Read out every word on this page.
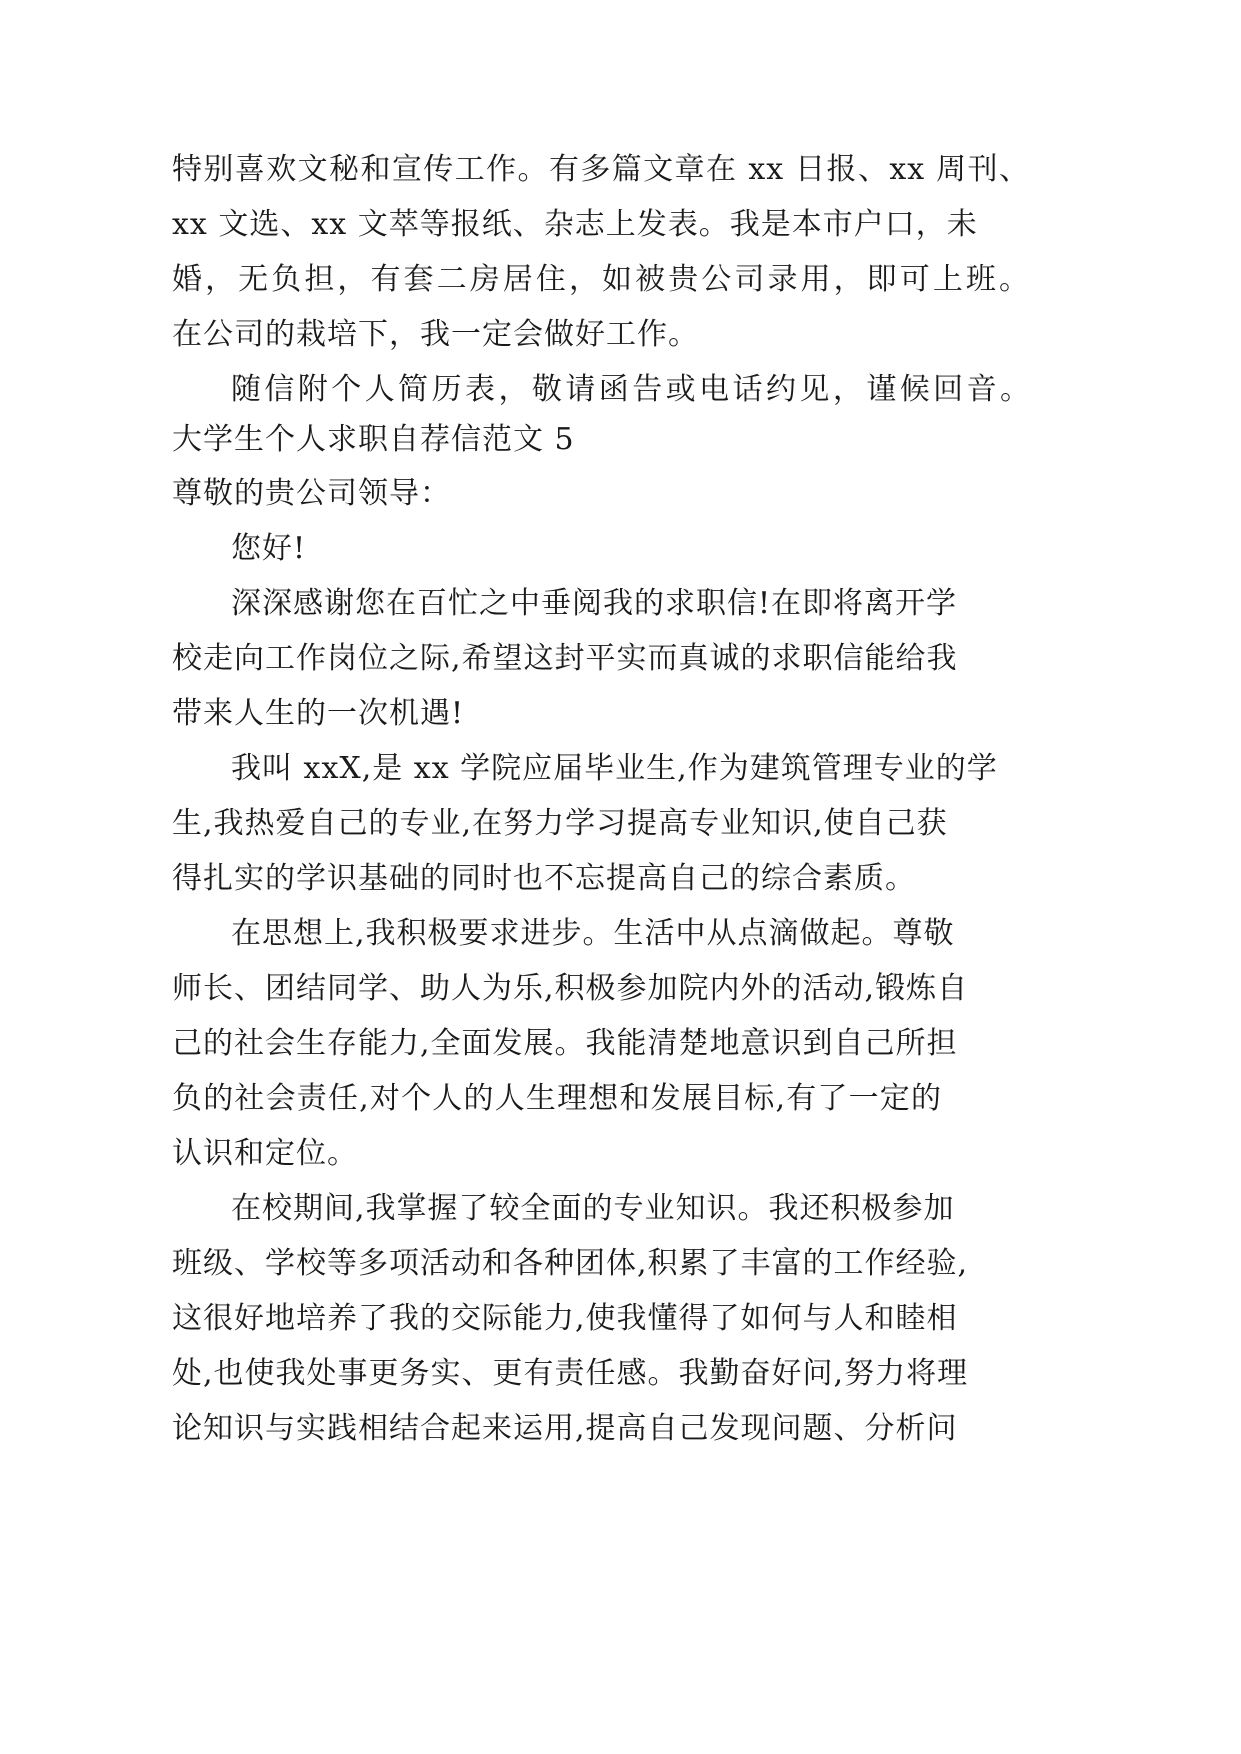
特别喜欢文秘和宣传工作。有多篇文章在 xx 日报、xx 周刊、
xx 文选、xx 文萃等报纸、杂志上发表。我是本市户口，未
婚，无负担，有套二房居住，如被贵公司录用，即可上班。
在公司的栽培下，我一定会做好工作。
随信附个人简历表，敬请函告或电话约见，谨候回音。
大学生个人求职自荐信范文 5
尊敬的贵公司领导：
您好!
深深感谢您在百忙之中垂阅我的求职信!在即将离开学
校走向工作岗位之际,希望这封平实而真诚的求职信能给我
带来人生的一次机遇!
我叫 xxX,是 xx 学院应届毕业生,作为建筑管理专业的学
生,我热爱自己的专业,在努力学习提高专业知识,使自己获
得扎实的学识基础的同时也不忘提高自己的综合素质。
在思想上,我积极要求进步。生活中从点滴做起。尊敬
师长、团结同学、助人为乐,积极参加院内外的活动,锻炼自
己的社会生存能力,全面发展。我能清楚地意识到自己所担
负的社会责任,对个人的人生理想和发展目标,有了一定的
认识和定位。
在校期间,我掌握了较全面的专业知识。我还积极参加
班级、学校等多项活动和各种团体,积累了丰富的工作经验,
这很好地培养了我的交际能力,使我懂得了如何与人和睦相
处,也使我处事更务实、更有责任感。我勤奋好问,努力将理
论知识与实践相结合起来运用,提高自己发现问题、分析问
